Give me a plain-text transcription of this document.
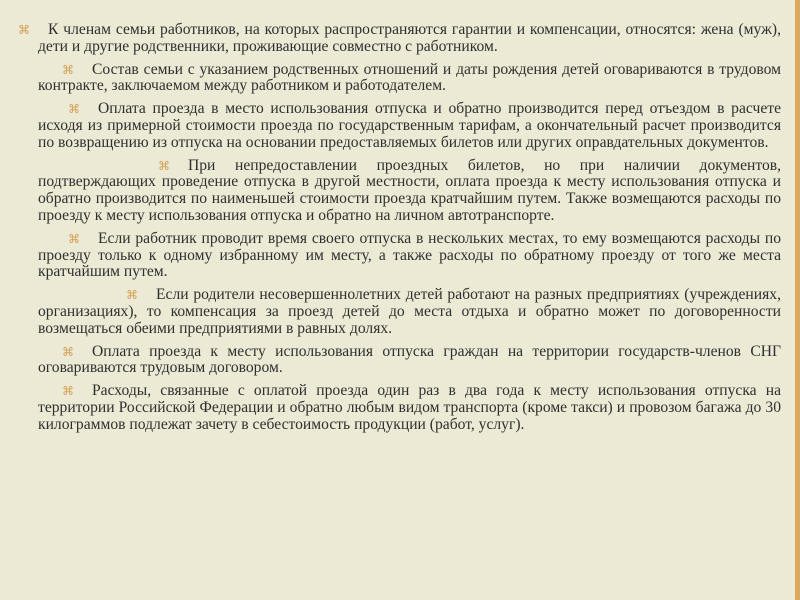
⌘ К членам семьи работников, на которых распространяются гарантии и компенсации, относятся: жена (муж), дети и другие родственники, проживающие совместно с работником.
⌘ Состав семьи с указанием родственных отношений и даты рождения детей оговариваются в трудовом контракте, заключаемом между работником и работодателем.
⌘ Оплата проезда в место использования отпуска и обратно производится перед отъездом в расчете исходя из примерной стоимости проезда по государственным тарифам, а окончательный расчет производится по возвращению из отпуска на основании предоставляемых билетов или других оправдательных документов.
⌘ При непредоставлении проездных билетов, но при наличии документов, подтверждающих проведение отпуска в другой местности, оплата проезда к месту использования отпуска и обратно производится по наименьшей стоимости проезда кратчайшим путем. Также возмещаются расходы по проезду к месту использования отпуска и обратно на личном автотранспорте.
⌘ Если работник проводит время своего отпуска в нескольких местах, то ему возмещаются расходы по проезду только к одному избранному им месту, а также расходы по обратному проезду от того же места кратчайшим путем.
⌘ Если родители несовершеннолетних детей работают на разных предприятиях (учреждениях, организациях), то компенсация за проезд детей до места отдыха и обратно может по договоренности возмещаться обеими предприятиями в равных долях.
⌘ Оплата проезда к месту использования отпуска граждан на территории государств-членов СНГ оговариваются трудовым договором.
⌘ Расходы, связанные с оплатой проезда один раз в два года к месту использования отпуска на территории Российской Федерации и обратно любым видом транспорта (кроме такси) и провозом багажа до 30 килограммов подлежат зачету в себестоимость продукции (работ, услуг).
